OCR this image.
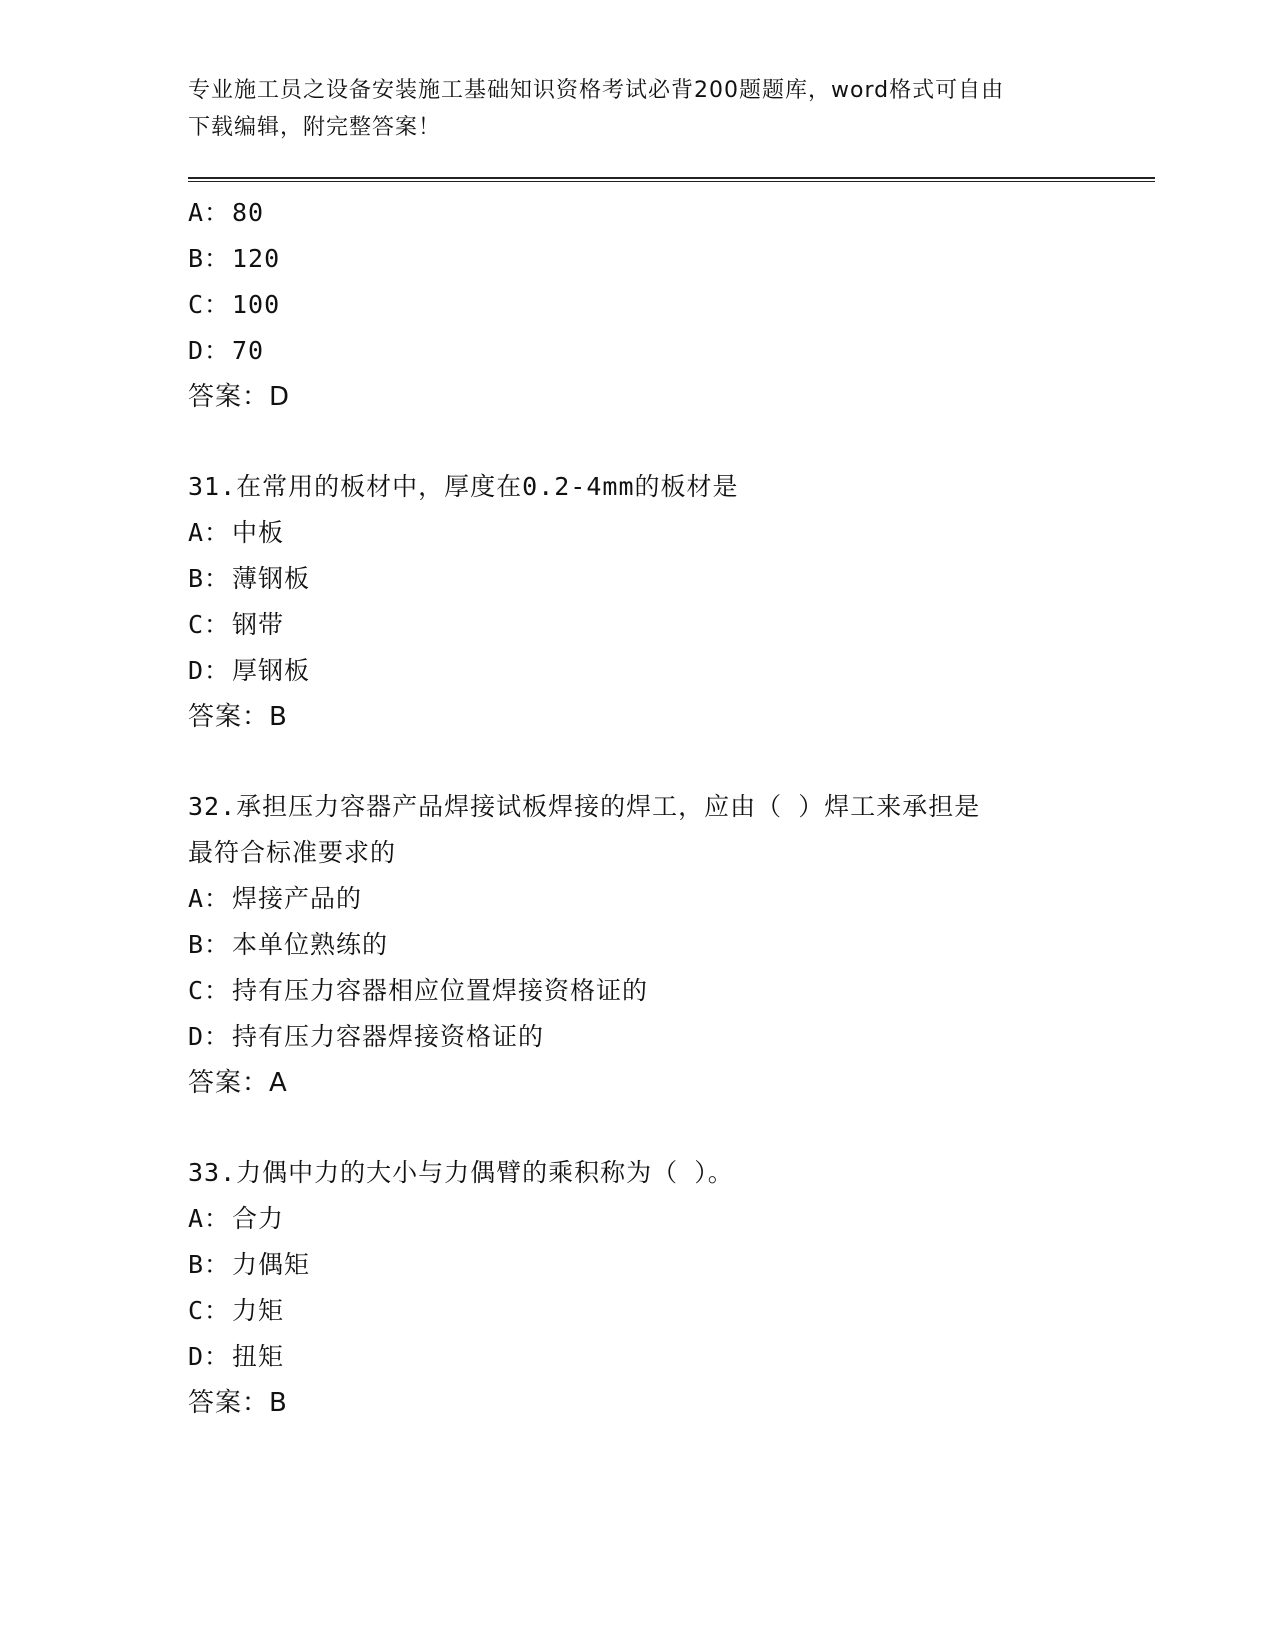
专业施工员之设备安装施工基础知识资格考试必背200题题库，word格式可自由
下载编辑，附完整答案！
A：80
B：120
C：100
D：70
答案：D
31.在常用的板材中，厚度在0.2-4mm的板材是
A：中板
B：薄钢板
C：钢带
D：厚钢板
答案：B
32.承担压力容器产品焊接试板焊接的焊工，应由（ ）焊工来承担是
最符合标准要求的
A：焊接产品的
B：本单位熟练的
C：持有压力容器相应位置焊接资格证的
D：持有压力容器焊接资格证的
答案：A
33.力偶中力的大小与力偶臂的乘积称为（ ）。
A：合力
B：力偶矩
C：力矩
D：扭矩
答案：B
